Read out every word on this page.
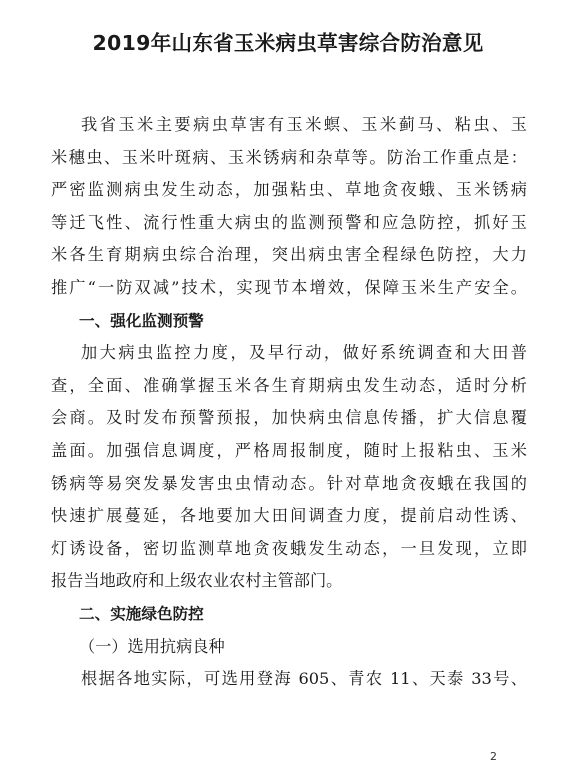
2019年山东省玉米病虫草害综合防治意见
我省玉米主要病虫草害有玉米螟、玉米蓟马、粘虫、玉
米穗虫、玉米叶斑病、玉米锈病和杂草等。防治工作重点是：
严密监测病虫发生动态，加强粘虫、草地贪夜蛾、玉米锈病
等迁飞性、流行性重大病虫的监测预警和应急防控，抓好玉
米各生育期病虫综合治理，突出病虫害全程绿色防控，大力
推广“一防双减”技术，实现节本增效，保障玉米生产安全。
一、强化监测预警
加大病虫监控力度，及早行动，做好系统调查和大田普
查，全面、准确掌握玉米各生育期病虫发生动态，适时分析
会商。及时发布预警预报，加快病虫信息传播，扩大信息覆
盖面。加强信息调度，严格周报制度，随时上报粘虫、玉米
锈病等易突发暴发害虫虫情动态。针对草地贪夜蛾在我国的
快速扩展蔓延，各地要加大田间调查力度，提前启动性诱、
灯诱设备，密切监测草地贪夜蛾发生动态，一旦发现，立即
报告当地政府和上级农业农村主管部门。
二、实施绿色防控
（一）选用抗病良种
根据各地实际，可选用登海 605、青农 11、天泰 33号、
2
